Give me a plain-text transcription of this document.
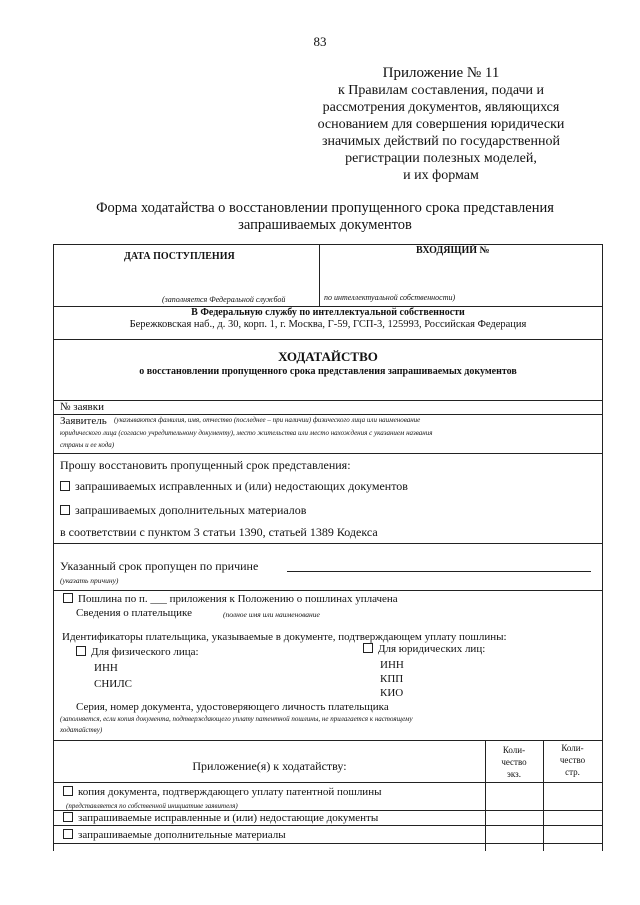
83
Приложение № 11
к Правилам составления, подачи и
рассмотрения документов, являющихся
основанием для совершения юридически
значимых действий по государственной
регистрации полезных моделей,
и их формам
Форма ходатайства о восстановлении пропущенного срока представления
запрашиваемых документов
ДАТА ПОСТУПЛЕНИЯ
ВХОДЯЩИЙ №
(заполняется Федеральной службой	по интеллектуальной собственности)
В Федеральную службу по интеллектуальной собственности
Бережковская наб., д. 30, корп. 1, г. Москва, Г-59, ГСП-3, 125993, Российская Федерация
ХОДАТАЙСТВО
о восстановлении пропущенного срока представления запрашиваемых документов
№ заявки
Заявитель (указываются фамилия, имя, отчество (последнее – при наличии) физического лица или наименование
юридического лица (согласно учредительному документу), место жительства или место нахождения с указанием названия
страны и ее кода)
Прошу восстановить пропущенный срок представления:
запрашиваемых исправленных и (или) недостающих документов
запрашиваемых дополнительных материалов
в соответствии с пунктом 3 статьи 1390, статьей 1389 Кодекса
Указанный срок пропущен по причине
(указать причину)
Пошлина по п. ___ приложения к Положению о пошлинах уплачена
Сведения о плательщике	(полное имя или наименование
Идентификаторы плательщика, указываемые в документе, подтверждающем уплату пошлины:
Для физического лица:
ИНН
СНИЛС
Для юридических лиц:
ИНН
КПП
КИО
Серия, номер документа, удостоверяющего личность плательщика
(заполняется, если копия документа, подтверждающего уплату патентной пошлины, не прилагается к настоящему
ходатайству)
Приложение(я) к ходатайству:
Коли-
чество
экз.
Коли-
чество
стр.
копия документа, подтверждающего уплату патентной пошлины
(представляется по собственной инициативе заявителя)
запрашиваемые исправленные и (или) недостающие документы
запрашиваемые дополнительные материалы
